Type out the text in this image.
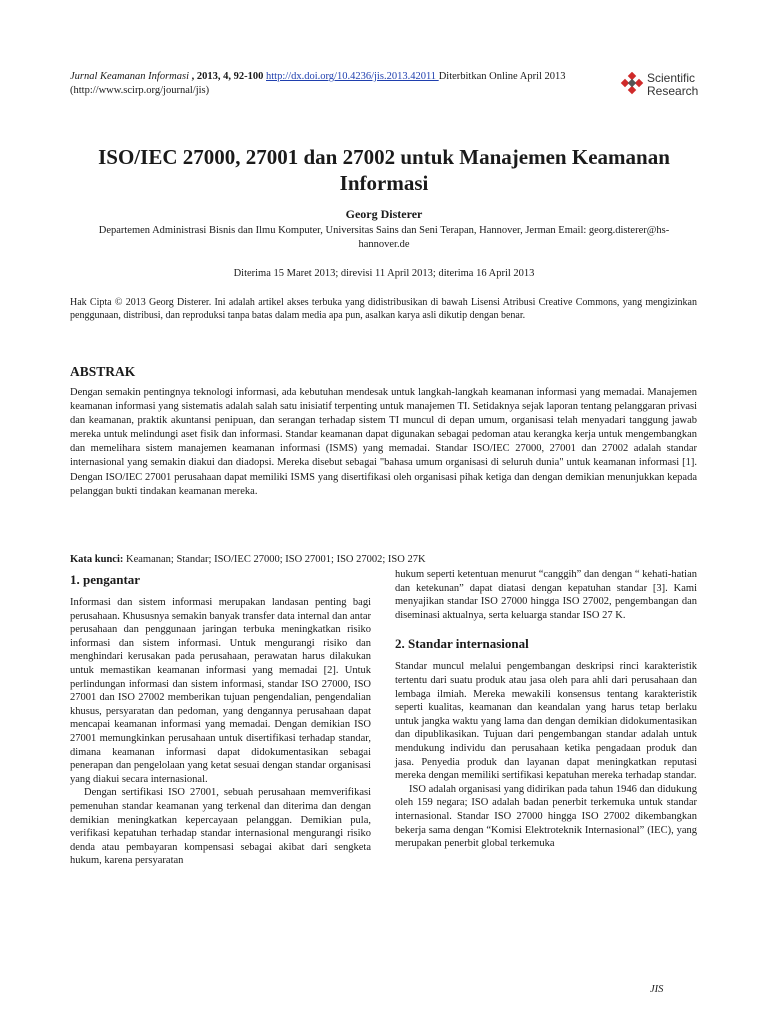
Jurnal Keamanan Informasi , 2013, 4, 92-100 http://dx.doi.org/10.4236/jis.2013.42011 Diterbitkan Online April 2013 (http://www.scirp.org/journal/jis)
Scientific
Research
ISO/IEC 27000, 27001 dan 27002 untuk Manajemen Keamanan Informasi
Georg Disterer
Departemen Administrasi Bisnis dan Ilmu Komputer, Universitas Sains dan Seni Terapan, Hannover, Jerman Email: georg.disterer@hs-hannover.de
Diterima 15 Maret 2013; direvisi 11 April 2013; diterima 16 April 2013
Hak Cipta © 2013 Georg Disterer. Ini adalah artikel akses terbuka yang didistribusikan di bawah Lisensi Atribusi Creative Commons, yang mengizinkan penggunaan, distribusi, dan reproduksi tanpa batas dalam media apa pun, asalkan karya asli dikutip dengan benar.
ABSTRAK
Dengan semakin pentingnya teknologi informasi, ada kebutuhan mendesak untuk langkah-langkah keamanan informasi yang memadai. Manajemen keamanan informasi yang sistematis adalah salah satu inisiatif terpenting untuk manajemen TI. Setidaknya sejak laporan tentang pelanggaran privasi dan keamanan, praktik akuntansi penipuan, dan serangan terhadap sistem TI muncul di depan umum, organisasi telah menyadari tanggung jawab mereka untuk melindungi aset fisik dan informasi. Standar keamanan dapat digunakan sebagai pedoman atau kerangka kerja untuk mengembangkan dan memelihara sistem manajemen keamanan informasi (ISMS) yang memadai. Standar ISO/IEC 27000, 27001 dan 27002 adalah standar internasional yang semakin diakui dan diadopsi. Mereka disebut sebagai "bahasa umum organisasi di seluruh dunia" untuk keamanan informasi [1]. Dengan ISO/IEC 27001 perusahaan dapat memiliki ISMS yang disertifikasi oleh organisasi pihak ketiga dan dengan demikian menunjukkan kepada pelanggan bukti tindakan keamanan mereka.
Kata kunci: Keamanan; Standar; ISO/IEC 27000; ISO 27001; ISO 27002; ISO 27K
1. pengantar

Informasi dan sistem informasi merupakan landasan penting bagi perusahaan. Khususnya semakin banyak transfer data internal dan antar perusahaan dan penggunaan jaringan terbuka meningkatkan risiko informasi dan sistem informasi. Untuk mengurangi risiko dan menghindari kerusakan pada perusahaan, perawatan harus dilakukan untuk memastikan keamanan informasi yang memadai [2]. Untuk perlindungan informasi dan sistem informasi, standar ISO 27000, ISO 27001 dan ISO 27002 memberikan tujuan pengendalian, pengendalian khusus, persyaratan dan pedoman, yang dengannya perusahaan dapat mencapai keamanan informasi yang memadai. Dengan demikian ISO 27001 memungkinkan perusahaan untuk disertifikasi terhadap standar, dimana keamanan informasi dapat didokumentasikan sebagai penerapan dan pengelolaan yang ketat sesuai dengan standar organisasi yang diakui secara internasional.

Dengan sertifikasi ISO 27001, sebuah perusahaan memverifikasi pemenuhan standar keamanan yang terkenal dan diterima dan dengan demikian meningkatkan kepercayaan pelanggan. Demikian pula, verifikasi kepatuhan terhadap standar internasional mengurangi risiko denda atau pembayaran kompensasi sebagai akibat dari sengketa hukum, karena persyaratan

hukum seperti ketentuan menurut “canggih” dan dengan “ kehati-hatian dan ketekunan” dapat diatasi dengan kepatuhan standar [3]. Kami menyajikan standar ISO 27000 hingga ISO 27002, pengembangan dan diseminasi aktualnya, serta keluarga standar ISO 27 K.

2. Standar internasional

Standar muncul melalui pengembangan deskripsi rinci karakteristik tertentu dari suatu produk atau jasa oleh para ahli dari perusahaan dan lembaga ilmiah. Mereka mewakili konsensus tentang karakteristik seperti kualitas, keamanan dan keandalan yang harus tetap berlaku untuk jangka waktu yang lama dan dengan demikian didokumentasikan dan dipublikasikan. Tujuan dari pengembangan standar adalah untuk mendukung individu dan perusahaan ketika pengadaan produk dan jasa. Penyedia produk dan layanan dapat meningkatkan reputasi mereka dengan memiliki sertifikasi kepatuhan mereka terhadap standar.

ISO adalah organisasi yang didirikan pada tahun 1946 dan didukung oleh 159 negara; ISO adalah badan penerbit terkemuka untuk standar internasional. Standar ISO 27000 hingga ISO 27002 dikembangkan bekerja sama dengan “Komisi Elektroteknik Internasional” (IEC), yang merupakan penerbit global terkemuka

JIS
